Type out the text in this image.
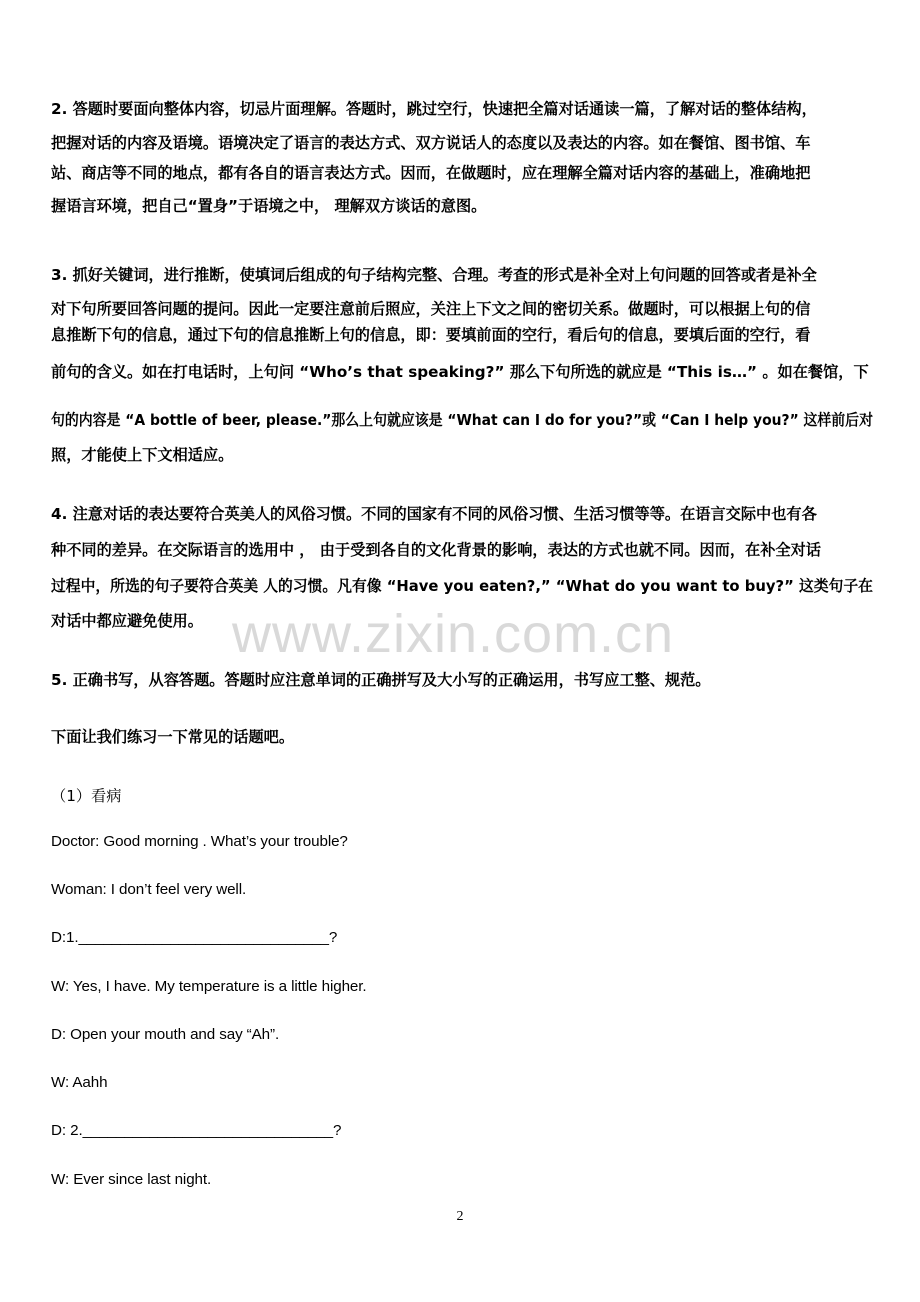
2. 答题时要面向整体内容，切忌片面理解。答题时，跳过空行，快速把全篇对话通读一篇，了解对话的整体结构，
把握对话的内容及语境。语境决定了语言的表达方式、双方说话人的态度以及表达的内容。如在餐馆、图书馆、车
站、商店等不同的地点，都有各自的语言表达方式。因而，在做题时，应在理解全篇对话内容的基础上，准确地把
握语言环境，把自己“置身”于语境之中， 理解双方谈话的意图。
3. 抓好关键词，进行推断，使填词后组成的句子结构完整、合理。考查的形式是补全对上句问题的回答或者是补全
对下句所要回答问题的提问。因此一定要注意前后照应，关注上下文之间的密切关系。做题时，可以根据上句的信
息推断下句的信息，通过下句的信息推断上句的信息，即：要填前面的空行，看后句的信息，要填后面的空行，看
前句的含义。如在打电话时，上句问 “Who’s that speaking?” 那么下句所选的就应是 “This is…” 。如在餐馆，下
句的内容是 “A bottle of beer, please.”那么上句就应该是 “What can I do for you?”或 “Can I help you?” 这样前后对
照，才能使上下文相适应。
4. 注意对话的表达要符合英美人的风俗习惯。不同的国家有不同的风俗习惯、生活习惯等等。在语言交际中也有各
种不同的差异。在交际语言的选用中 ， 由于受到各自的文化背景的影响，表达的方式也就不同。因而，在补全对话
过程中，所选的句子要符合英美 人的习惯。凡有像 “Have you eaten?,” “What do you want to buy?” 这类句子在
对话中都应避免使用。 www.zixin.com.cn
5. 正确书写，从容答题。答题时应注意单词的正确拼写及大小写的正确运用，书写应工整、规范。
下面让我们练习一下常见的话题吧。
（1）看病
Doctor: Good morning . What’s your trouble?
Woman: I don’t feel very well.
D:1.______________________________?
W: Yes, I have. My temperature is a little higher.
D: Open your mouth and say “Ah”.
W: Aahh
D: 2.______________________________?
W: Ever since last night.
2
